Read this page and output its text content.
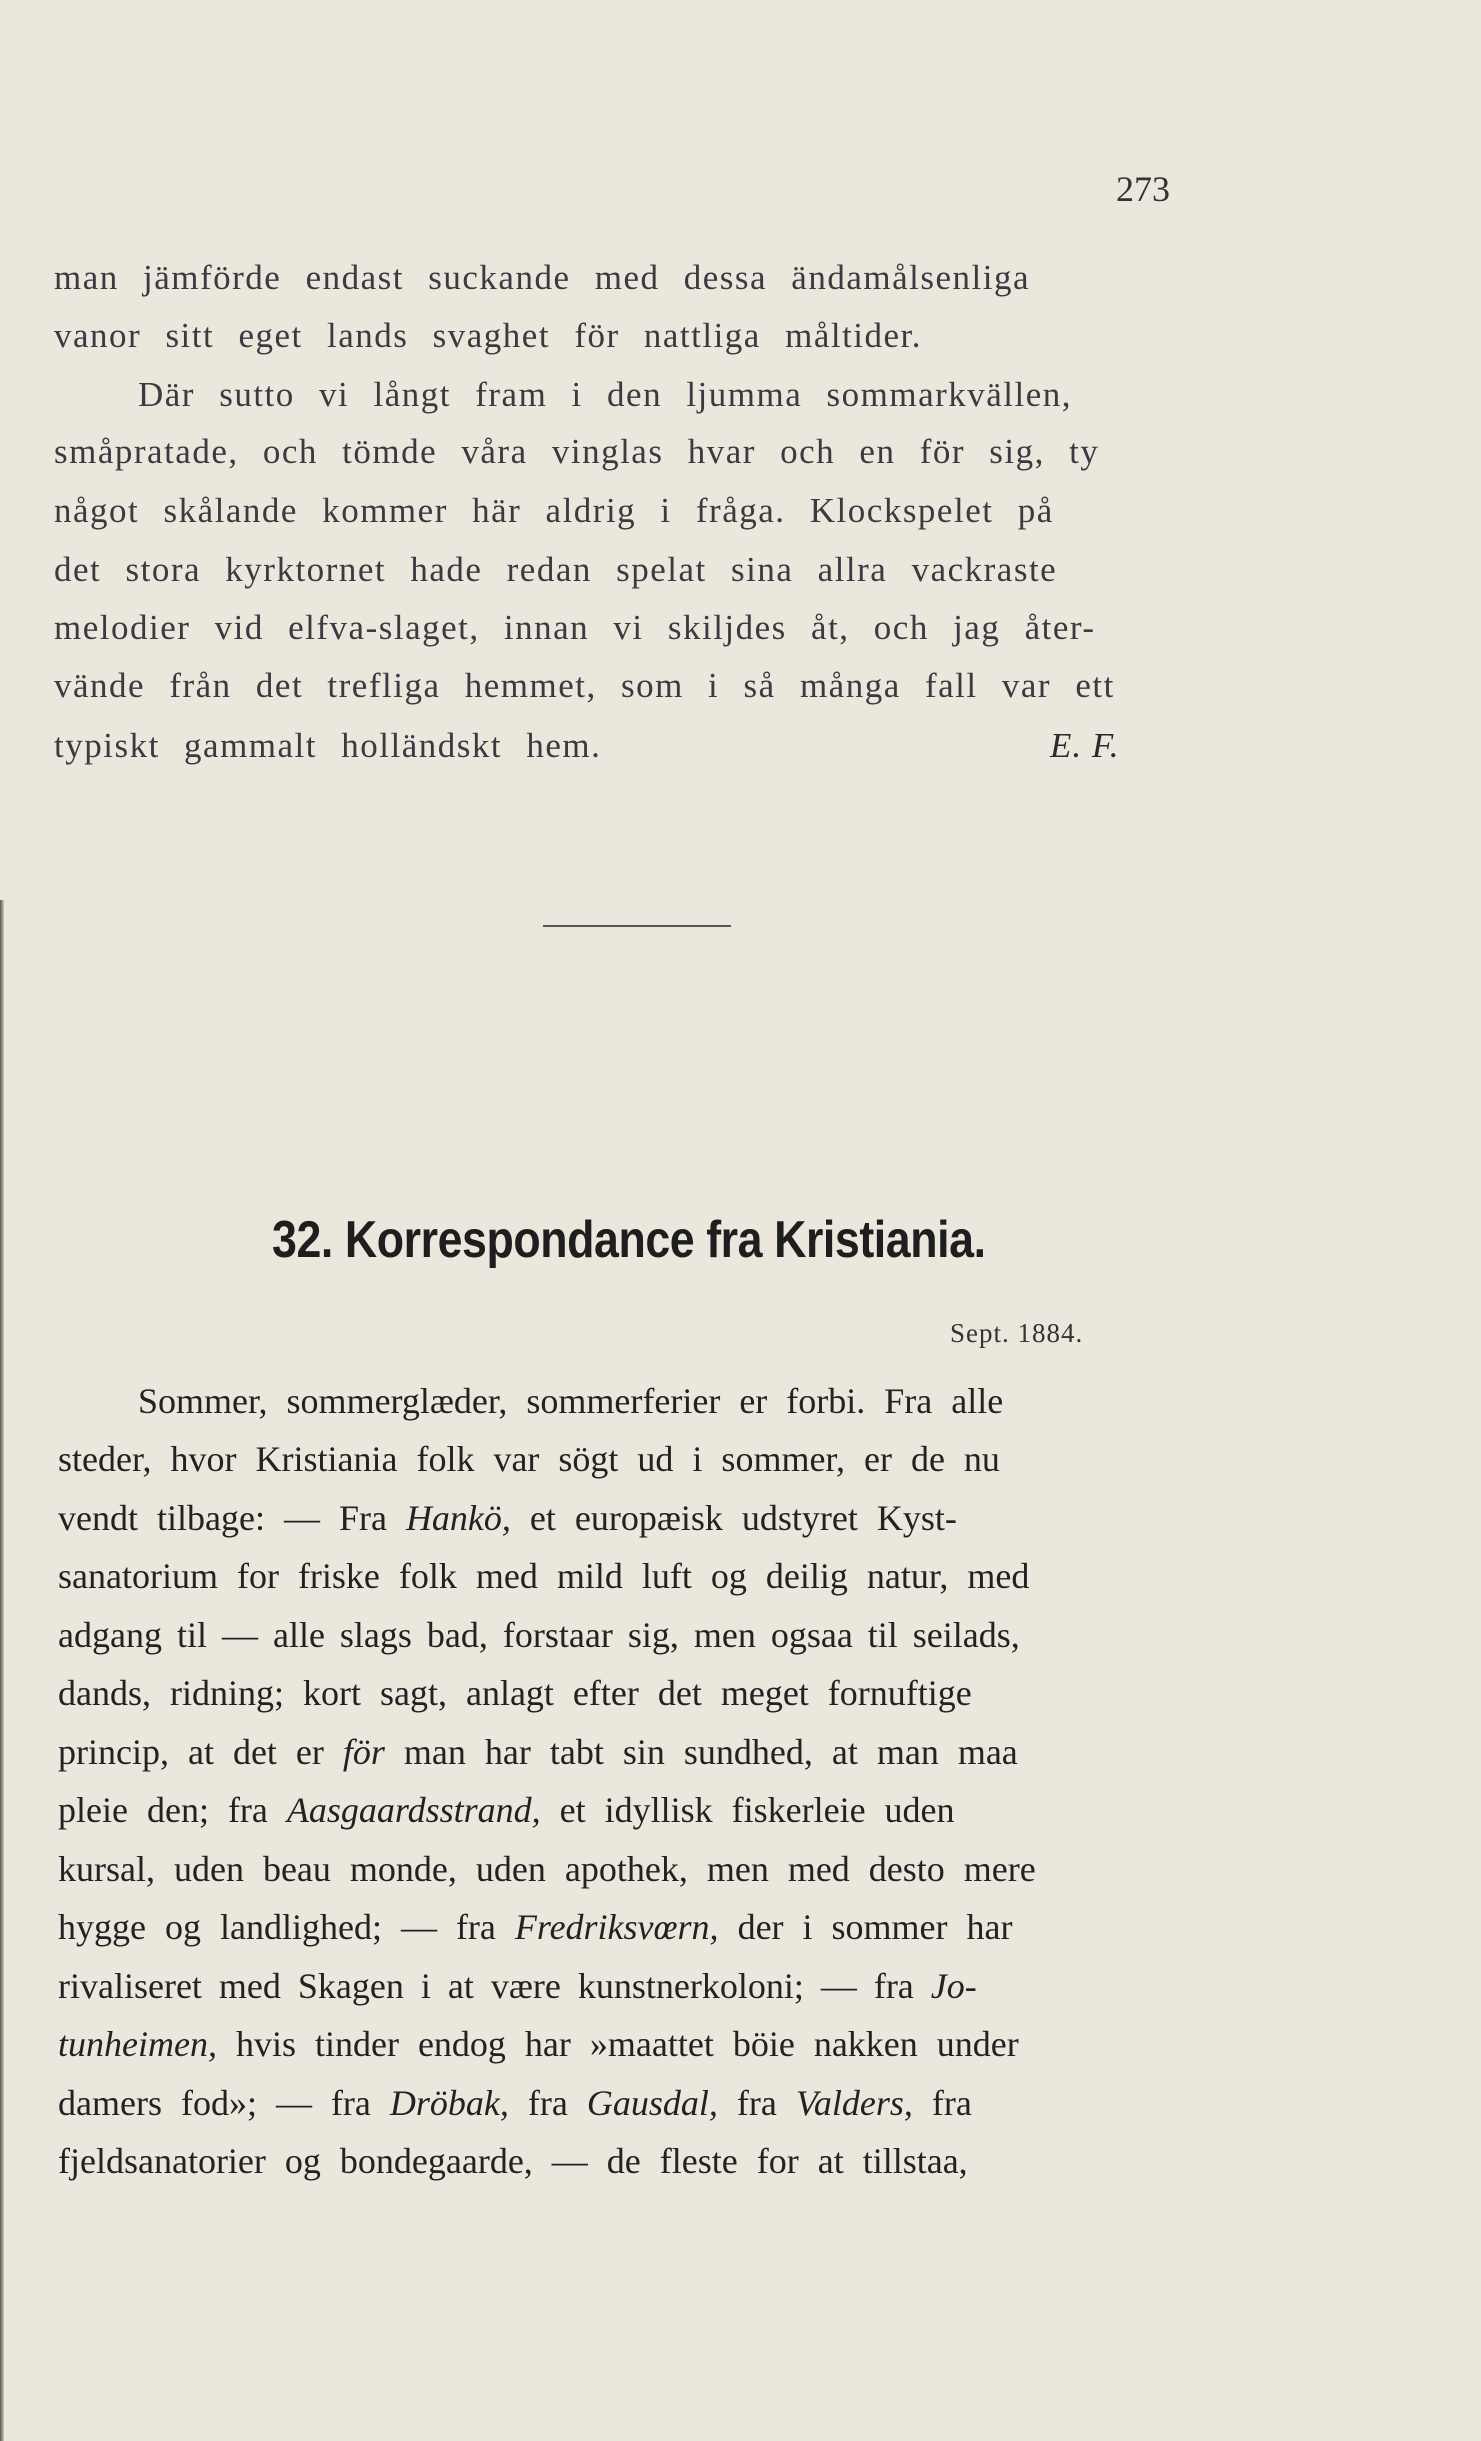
273
man jämförde endast suckande med dessa ändamålsenliga
vanor sitt eget lands svaghet för nattliga måltider.
Där sutto vi långt fram i den ljumma sommarkvällen,
småpratade, och tömde våra vinglas hvar och en för sig, ty
något skålande kommer här aldrig i fråga. Klockspelet på
det stora kyrktornet hade redan spelat sina allra vackraste
melodier vid elfva-slaget, innan vi skiljdes åt, och jag åter-
vände från det trefliga hemmet, som i så många fall var ett
typiskt gammalt holländskt hem.	E. F.
32. Korrespondance fra Kristiania.
Sept. 1884.
Sommer, sommerglæder, sommerferier er forbi. Fra alle
steder, hvor Kristiania folk var sögt ud i sommer, er de nu
vendt tilbage: — Fra Hankö, et europæisk udstyret Kyst-
sanatorium for friske folk med mild luft og deilig natur, med
adgang til — alle slags bad, forstaar sig, men ogsaa til seilads,
dands, ridning; kort sagt, anlagt efter det meget fornuftige
princip, at det er för man har tabt sin sundhed, at man maa
pleie den; fra Aasgaardsstrand, et idyllisk fiskerleie uden
kursal, uden beau monde, uden apothek, men med desto mere
hygge og landlighed; — fra Fredriksvœrn, der i sommer har
rivaliseret med Skagen i at være kunstnerkoloni; — fra Jo-
tunheimen, hvis tinder endog har »maattet böie nakken under
damers fod»; — fra Dröbak, fra Gausdal, fra Valders, fra
fjeldsanatorier og bondegaarde, — de fleste for at tillstaa,
